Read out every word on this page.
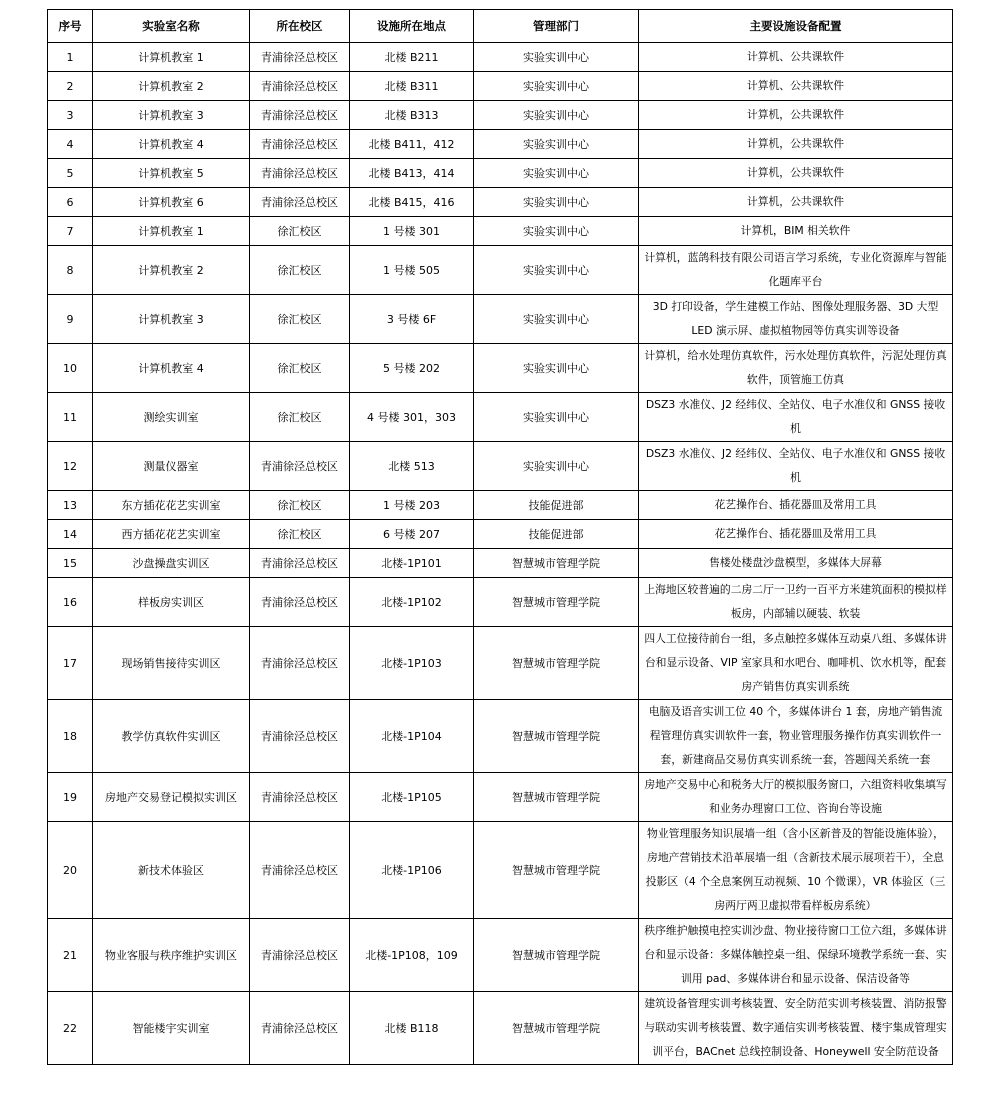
序号	实验室名称	所在校区	设施所在地点	管理部门	主要设施设备配置
1	计算机教室 1	青浦徐泾总校区	北楼 B211	实验实训中心	计算机、公共课软件
2	计算机教室 2	青浦徐泾总校区	北楼 B311	实验实训中心	计算机、公共课软件
3	计算机教室 3	青浦徐泾总校区	北楼 B313	实验实训中心	计算机，公共课软件
4	计算机教室 4	青浦徐泾总校区	北楼 B411，412	实验实训中心	计算机，公共课软件
5	计算机教室 5	青浦徐泾总校区	北楼 B413，414	实验实训中心	计算机，公共课软件
6	计算机教室 6	青浦徐泾总校区	北楼 B415，416	实验实训中心	计算机，公共课软件
7	计算机教室 1	徐汇校区	1 号楼 301	实验实训中心	计算机，BIM 相关软件
8	计算机教室 2	徐汇校区	1 号楼 505	实验实训中心	计算机，蓝鸽科技有限公司语言学习系统，专业化资源库与智能化题库平台
9	计算机教室 3	徐汇校区	3 号楼 6F	实验实训中心	3D 打印设备，学生建模工作站、图像处理服务器、3D 大型 LED 演示屏、虚拟植物园等仿真实训等设备
10	计算机教室 4	徐汇校区	5 号楼 202	实验实训中心	计算机，给水处理仿真软件，污水处理仿真软件，污泥处理仿真软件，顶管施工仿真
11	测绘实训室	徐汇校区	4 号楼 301，303	实验实训中心	DSZ3 水准仪、J2 经纬仪、全站仪、电子水准仪和 GNSS 接收机
12	测量仪器室	青浦徐泾总校区	北楼 513	实验实训中心	DSZ3 水准仪、J2 经纬仪、全站仪、电子水准仪和 GNSS 接收机
13	东方插花花艺实训室	徐汇校区	1 号楼 203	技能促进部	花艺操作台、插花器皿及常用工具
14	西方插花花艺实训室	徐汇校区	6 号楼 207	技能促进部	花艺操作台、插花器皿及常用工具
15	沙盘操盘实训区	青浦徐泾总校区	北楼-1P101	智慧城市管理学院	售楼处楼盘沙盘模型，多媒体大屏幕
16	样板房实训区	青浦徐泾总校区	北楼-1P102	智慧城市管理学院	上海地区较普遍的二房二厅一卫约一百平方米建筑面积的模拟样板房，内部辅以硬装、软装
17	现场销售接待实训区	青浦徐泾总校区	北楼-1P103	智慧城市管理学院	四人工位接待前台一组，多点触控多媒体互动桌八组、多媒体讲台和显示设备、VIP 室家具和水吧台、咖啡机、饮水机等，配套房产销售仿真实训系统
18	教学仿真软件实训区	青浦徐泾总校区	北楼-1P104	智慧城市管理学院	电脑及语音实训工位 40 个，多媒体讲台 1 套，房地产销售流程管理仿真实训软件一套，物业管理服务操作仿真实训软件一套，新建商品交易仿真实训系统一套，答题闯关系统一套
19	房地产交易登记模拟实训区	青浦徐泾总校区	北楼-1P105	智慧城市管理学院	房地产交易中心和税务大厅的模拟服务窗口，六组资料收集填写和业务办理窗口工位、咨询台等设施
20	新技术体验区	青浦徐泾总校区	北楼-1P106	智慧城市管理学院	物业管理服务知识展墙一组（含小区新普及的智能设施体验），房地产营销技术沿革展墙一组（含新技术展示展项若干），全息投影区（4 个全息案例互动视频、10 个微课），VR 体验区（三房两厅两卫虚拟带看样板房系统）
21	物业客服与秩序维护实训区	青浦徐泾总校区	北楼-1P108，109	智慧城市管理学院	秩序维护触摸电控实训沙盘、物业接待窗口工位六组，多媒体讲台和显示设备：多媒体触控桌一组、保绿环境教学系统一套、实训用 pad、多媒体讲台和显示设备、保洁设备等
22	智能楼宇实训室	青浦徐泾总校区	北楼 B118	智慧城市管理学院	建筑设备管理实训考核装置、安全防范实训考核装置、消防报警与联动实训考核装置、数字通信实训考核装置、楼宇集成管理实训平台，BACnet 总线控制设备、Honeywell 安全防范设备
